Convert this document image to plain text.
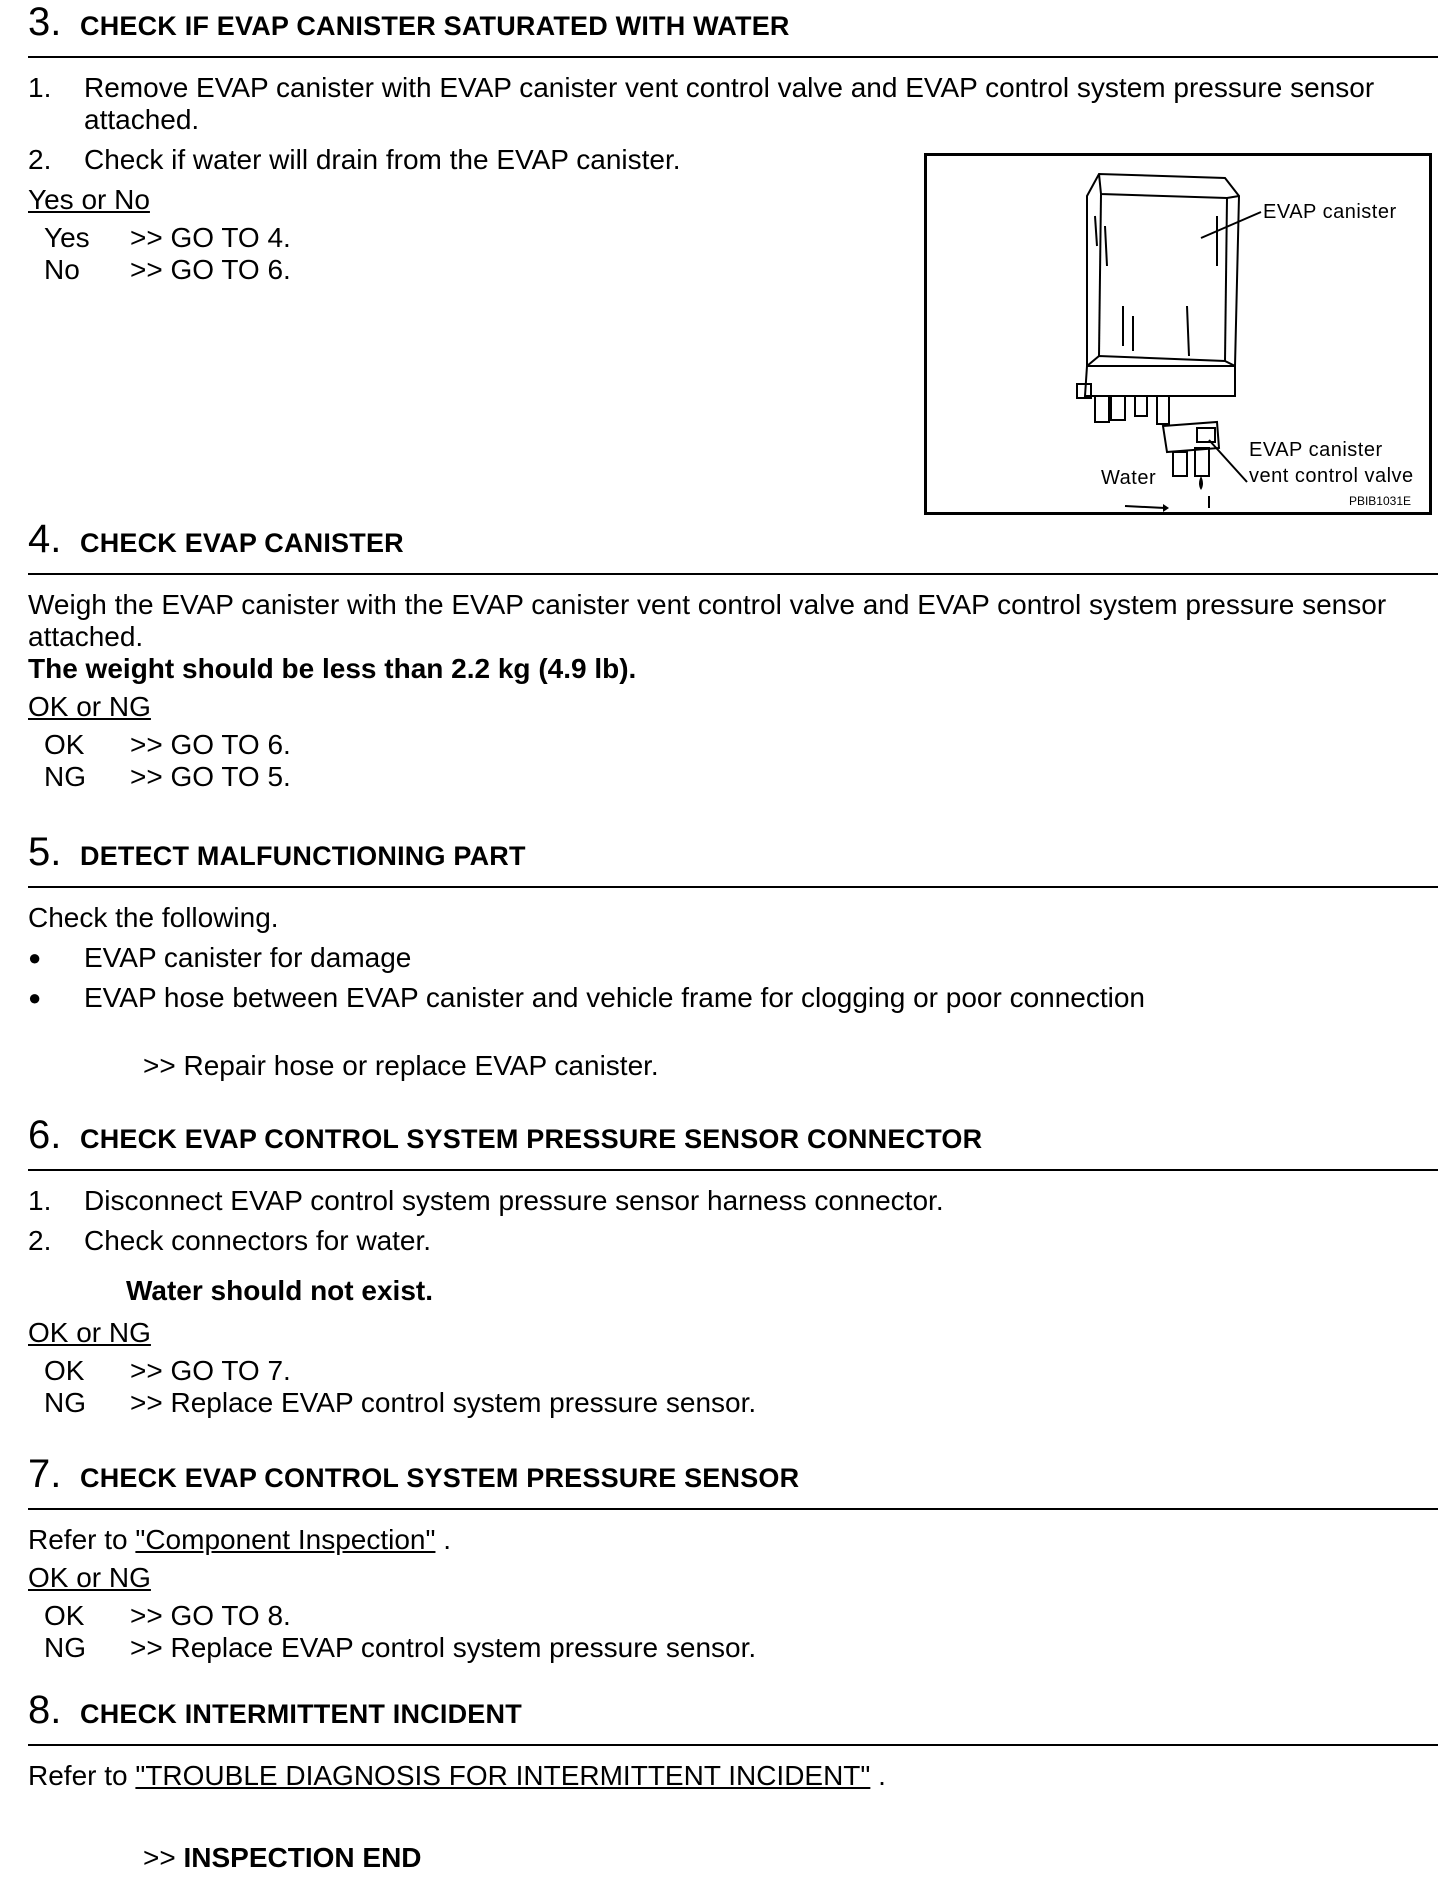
3. CHECK IF EVAP CANISTER SATURATED WITH WATER
1.	Remove EVAP canister with EVAP canister vent control valve and EVAP control system pressure sensor attached.
2.	Check if water will drain from the EVAP canister.

Yes or No

Yes	>> GO TO 4.
No	>> GO TO 6.
4. CHECK EVAP CANISTER

Weigh the EVAP canister with the EVAP canister vent control valve and EVAP control system pressure sensor attached.

The weight should be less than 2.2 kg (4.9 lb).

OK or NG

OK	>> GO TO 6.
NG	>> GO TO 5.
5. DETECT MALFUNCTIONING PART

Check the following.

●	EVAP canister for damage
●	EVAP hose between EVAP canister and vehicle frame for clogging or poor connection

>> Repair hose or replace EVAP canister.

6. CHECK EVAP CONTROL SYSTEM PRESSURE SENSOR CONNECTOR
1.	Disconnect EVAP control system pressure sensor harness connector.
2.	Check connectors for water.

Water should not exist.

OK or NG

OK	>> GO TO 7.
NG	>> Replace EVAP control system pressure sensor.
7. CHECK EVAP CONTROL SYSTEM PRESSURE SENSOR

Refer to "Component Inspection" .

OK or NG

OK	>> GO TO 8.
NG	>> Replace EVAP control system pressure sensor.
8. CHECK INTERMITTENT INCIDENT

Refer to "TROUBLE DIAGNOSIS FOR INTERMITTENT INCIDENT" .

>> INSPECTION END

EVAP canister
EVAP canister
vent control valve
Water
PBIB1031E
